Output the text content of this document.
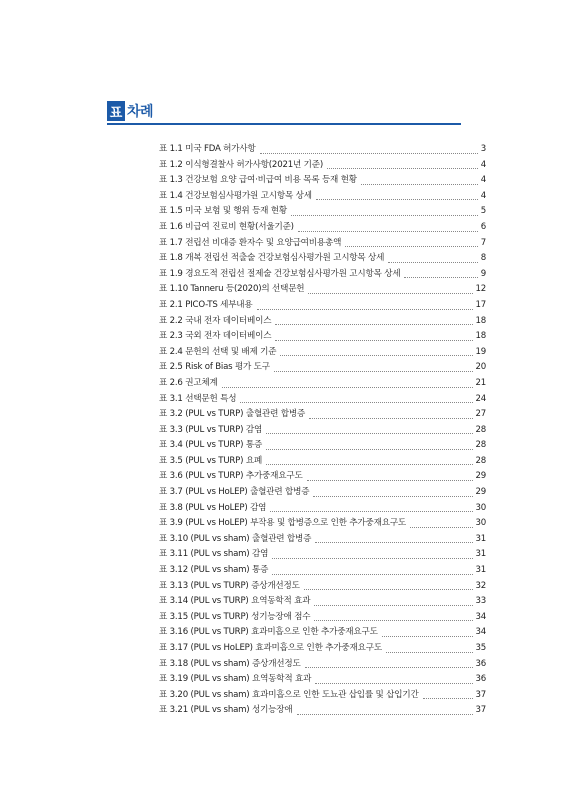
표 차례
표 1.1 미국 FDA 허가사항	3
표 1.2 이식형결찰사 허가사항(2021년 기준)	4
표 1.3 건강보험 요양 급여·비급여 비용 목록 등재 현황	4
표 1.4 건강보험심사평가원 고시항목 상세	4
표 1.5 미국 보험 및 행위 등재 현황	5
표 1.6 비급여 진료비 현황(서울기준)	6
표 1.7 전립선 비대증 환자수 및 요양급여비용총액	7
표 1.8 개복 전립선 적출술 건강보험심사평가원 고시항목 상세	8
표 1.9 경요도적 전립선 절제술 건강보험심사평가원 고시항목 상세	9
표 1.10 Tanneru 등(2020)의 선택문헌	12
표 2.1 PICO-TS 세부내용	17
표 2.2 국내 전자 데이터베이스	18
표 2.3 국외 전자 데이터베이스	18
표 2.4 문헌의 선택 및 배제 기준	19
표 2.5 Risk of Bias 평가 도구	20
표 2.6 권고체계	21
표 3.1 선택문헌 특성	24
표 3.2 (PUL vs TURP) 출혈관련 합병증	27
표 3.3 (PUL vs TURP) 감염	28
표 3.4 (PUL vs TURP) 통증	28
표 3.5 (PUL vs TURP) 요폐	28
표 3.6 (PUL vs TURP) 추가중재요구도	29
표 3.7 (PUL vs HoLEP) 출혈관련 합병증	29
표 3.8 (PUL vs HoLEP) 감염	30
표 3.9 (PUL vs HoLEP) 부작용 및 합병증으로 인한 추가중재요구도	30
표 3.10 (PUL vs sham) 출혈관련 합병증	31
표 3.11 (PUL vs sham) 감염	31
표 3.12 (PUL vs sham) 통증	31
표 3.13 (PUL vs TURP) 증상개선정도	32
표 3.14 (PUL vs TURP) 요역동학적 효과	33
표 3.15 (PUL vs TURP) 성기능장애 점수	34
표 3.16 (PUL vs TURP) 효과미흡으로 인한 추가중재요구도	34
표 3.17 (PUL vs HoLEP) 효과미흡으로 인한 추가중재요구도	35
표 3.18 (PUL vs sham) 증상개선정도	36
표 3.19 (PUL vs sham) 요역동학적 효과	36
표 3.20 (PUL vs sham) 효과미흡으로 인한 도뇨관 삽입률 및 삽입기간	37
표 3.21 (PUL vs sham) 성기능장애	37
